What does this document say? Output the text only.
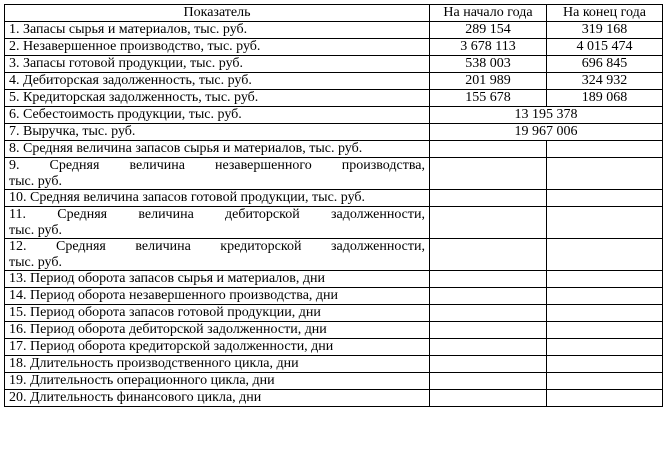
Показатель	На начало года	На конец года
1. Запасы сырья и материалов, тыс. руб.	289 154	319 168
2. Незавершенное производство, тыс. руб.	3 678 113	4 015 474
3. Запасы готовой продукции, тыс. руб.	538 003	696 845
4. Дебиторская задолженность, тыс. руб.	201 989	324 932
5. Кредиторская задолженность, тыс. руб.	155 678	189 068
6. Себестоимость продукции, тыс. руб.	13 195 378	
7. Выручка, тыс. руб.	19 967 006	
8. Средняя величина запасов сырья и материалов, тыс. руб.		
9. Средняя величина незавершенного производства,
тыс. руб.		

10. Средняя величина запасов готовой продукции, тыс. руб.		
11. Средняя величина дебиторской задолженности,
тыс. руб.		

12. Средняя величина кредиторской задолженности,
тыс. руб.		

13. Период оборота запасов сырья и материалов, дни		
14. Период оборота незавершенного производства, дни		
15. Период оборота запасов готовой продукции, дни		
16. Период оборота дебиторской задолженности, дни		
17. Период оборота кредиторской задолженности, дни		
18. Длительность производственного цикла, дни		
19. Длительность операционного цикла, дни		
20. Длительность финансового цикла, дни		
